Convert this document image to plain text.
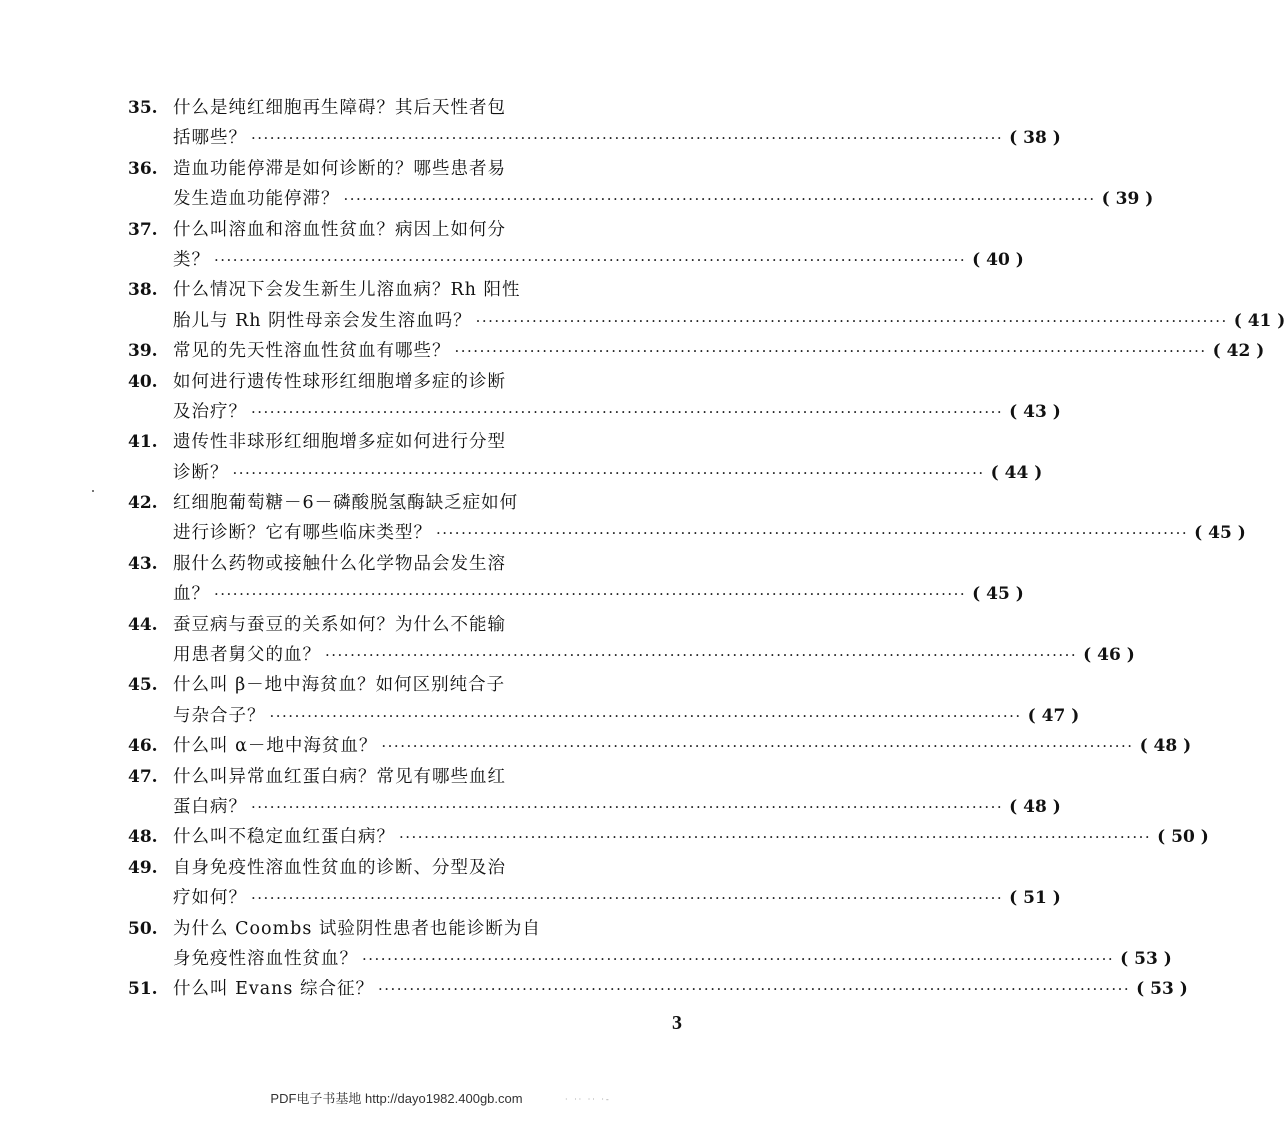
35. 什么是纯红细胞再生障碍？其后天性者包
括哪些？ ························································································································ ( 38 )
36. 造血功能停滞是如何诊断的？哪些患者易
发生造血功能停滞？ ························································································································ ( 39 )
37. 什么叫溶血和溶血性贫血？病因上如何分
类？ ························································································································ ( 40 )
38. 什么情况下会发生新生儿溶血病？Rh 阳性
胎儿与 Rh 阴性母亲会发生溶血吗？ ························································································································ ( 41 )
39. 常见的先天性溶血性贫血有哪些？ ························································································································ ( 42 )
40. 如何进行遗传性球形红细胞增多症的诊断
及治疗？ ························································································································ ( 43 )
41. 遗传性非球形红细胞增多症如何进行分型
诊断？ ························································································································ ( 44 )
42. 红细胞葡萄糖－6－磷酸脱氢酶缺乏症如何
进行诊断？它有哪些临床类型？ ························································································································ ( 45 )
43. 服什么药物或接触什么化学物品会发生溶
血？ ························································································································ ( 45 )
44. 蚕豆病与蚕豆的关系如何？为什么不能输
用患者舅父的血？ ························································································································ ( 46 )
45. 什么叫 β－地中海贫血？如何区别纯合子
与杂合子？ ························································································································ ( 47 )
46. 什么叫 α－地中海贫血？ ························································································································ ( 48 )
47. 什么叫异常血红蛋白病？常见有哪些血红
蛋白病？ ························································································································ ( 48 )
48. 什么叫不稳定血红蛋白病？ ························································································································ ( 50 )
49. 自身免疫性溶血性贫血的诊断、分型及治
疗如何？ ························································································································ ( 51 )
50. 为什么 Coombs 试验阴性患者也能诊断为自
身免疫性溶血性贫血？ ························································································································ ( 53 )
51. 什么叫 Evans 综合征？ ························································································································ ( 53 )
3
PDF电子书基地 http://dayo1982.400gb.com	· ·· ·· ·-
